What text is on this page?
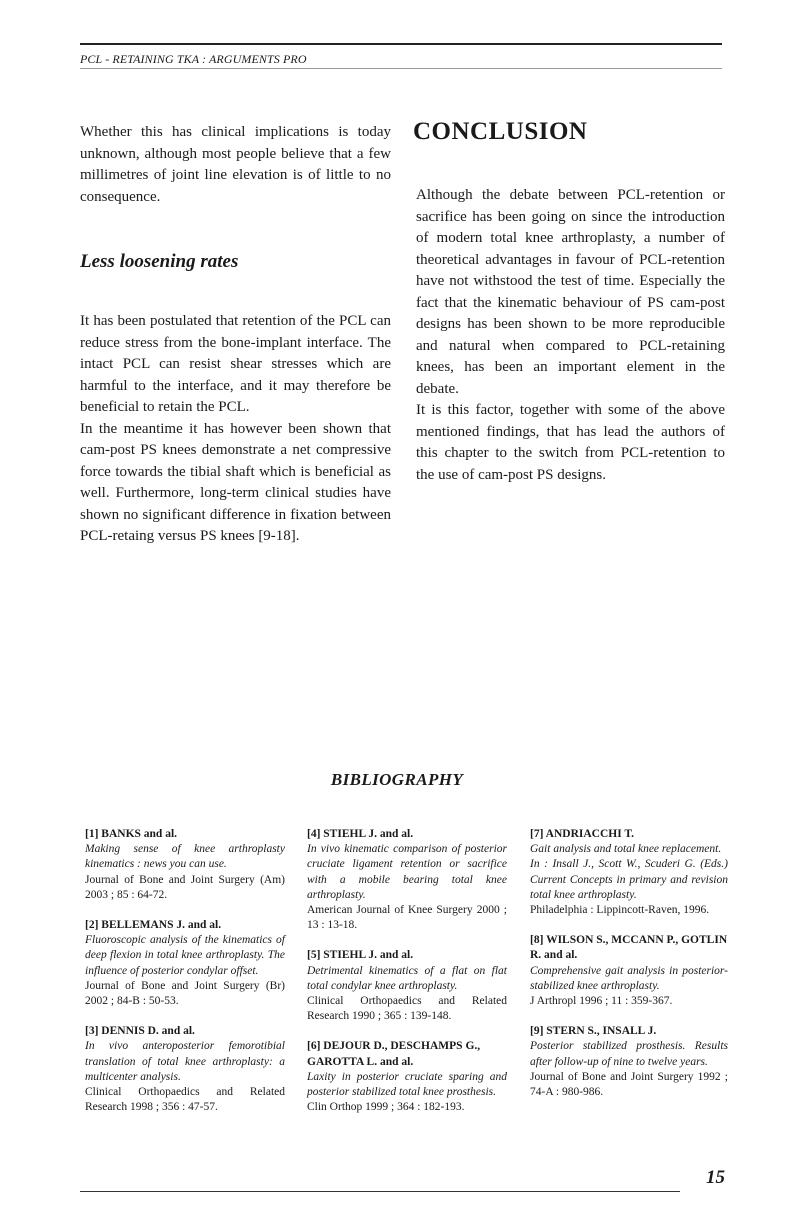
PCL - RETAINING TKA : ARGUMENTS PRO

Whether this has clinical implications is today unknown, although most people believe that a few millimetres of joint line elevation is of little to no consequence.

Less loosening rates

It has been postulated that retention of the PCL can reduce stress from the bone-implant interface. The intact PCL can resist shear stresses which are harmful to the interface, and it may therefore be beneficial to retain the PCL.

In the meantime it has however been shown that cam-post PS knees demonstrate a net compressive force towards the tibial shaft which is beneficial as well. Furthermore, long-term clinical studies have shown no significant difference in fixation between PCL-retaing versus PS knees [9-18].

CONCLUSION

Although the debate between PCL-retention or sacrifice has been going on since the introduction of modern total knee arthroplasty, a number of theoretical advantages in favour of PCL-retention have not withstood the test of time. Especially the fact that the kinematic behaviour of PS cam-post designs has been shown to be more reproducible and natural when compared to PCL-retaining knees, has been an important element in the debate.

It is this factor, together with some of the above mentioned findings, that has lead the authors of this chapter to the switch from PCL-retention to the use of cam-post PS designs.

BIBLIOGRAPHY
[1] BANKS and al.
Making sense of knee arthroplasty kinematics : news you can use.
Journal of Bone and Joint Surgery (Am) 2003 ; 85 : 64-72.
[2] BELLEMANS J. and al.
Fluoroscopic analysis of the kinematics of deep flexion in total knee arthroplasty. The influence of posterior condylar offset.
Journal of Bone and Joint Surgery (Br) 2002 ; 84-B : 50-53.
[3] DENNIS D. and al.
In vivo anteroposterior femorotibial translation of total knee arthroplasty: a multicenter analysis.
Clinical Orthopaedics and Related Research 1998 ; 356 : 47-57.
[4] STIEHL J. and al.
In vivo kinematic comparison of posterior cruciate ligament retention or sacrifice with a mobile bearing total knee arthroplasty.
American Journal of Knee Surgery 2000 ; 13 : 13-18.
[5] STIEHL J. and al.
Detrimental kinematics of a flat on flat total condylar knee arthroplasty.
Clinical Orthopaedics and Related Research 1990 ; 365 : 139-148.
[6] DEJOUR D., DESCHAMPS G., GAROTTA L. and al.
Laxity in posterior cruciate sparing and posterior stabilized total knee prosthesis.
Clin Orthop 1999 ; 364 : 182-193.
[7] ANDRIACCHI T.
Gait analysis and total knee replacement.
In : Insall J., Scott W., Scuderi G. (Eds.) Current Concepts in primary and revision total knee arthroplasty.
Philadelphia : Lippincott-Raven, 1996.
[8] WILSON S., MCCANN P., GOTLIN R. and al.
Comprehensive gait analysis in posterior-stabilized knee arthroplasty.
J Arthropl 1996 ; 11 : 359-367.
[9] STERN S., INSALL J.
Posterior stabilized prosthesis. Results after follow-up of nine to twelve years.
Journal of Bone and Joint Surgery 1992 ; 74-A : 980-986.
15
